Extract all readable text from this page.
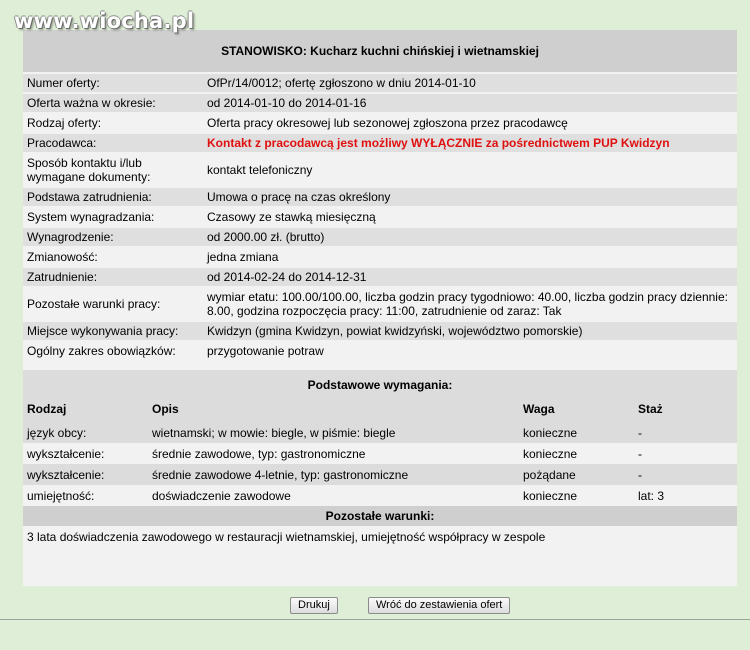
www.wiocha.pl
STANOWISKO: Kucharz kuchni chińskiej i wietnamskiej
Numer oferty:	OfPr/14/0012; ofertę zgłoszono w dniu 2014-01-10
Oferta ważna w okresie:	od 2014-01-10 do 2014-01-16
Rodzaj oferty:	Oferta pracy okresowej lub sezonowej zgłoszona przez pracodawcę
Pracodawca:	Kontakt z pracodawcą jest możliwy WYŁĄCZNIE za pośrednictwem PUP Kwidzyn
Sposób kontaktu i/lub wymagane dokumenty:	kontakt telefoniczny
Podstawa zatrudnienia:	Umowa o pracę na czas określony
System wynagradzania:	Czasowy ze stawką miesięczną
Wynagrodzenie:	od 2000.00 zł. (brutto)
Zmianowość:	jedna zmiana
Zatrudnienie:	od 2014-02-24 do 2014-12-31
Pozostałe warunki pracy:	wymiar etatu: 100.00/100.00, liczba godzin pracy tygodniowo: 40.00, liczba godzin pracy dziennie: 8.00, godzina rozpoczęcia pracy: 11:00, zatrudnienie od zaraz: Tak
Miejsce wykonywania pracy:	Kwidzyn (gmina Kwidzyn, powiat kwidzyński, województwo pomorskie)
Ogólny zakres obowiązków:	przygotowanie potraw
Podstawowe wymagania:
Rodzaj	Opis	Waga	Staż
język obcy:	wietnamski; w mowie: biegle, w piśmie: biegle	konieczne	-
wykształcenie:	średnie zawodowe, typ: gastronomiczne	konieczne	-
wykształcenie:	średnie zawodowe 4-letnie, typ: gastronomiczne	pożądane	-
umiejętność:	doświadczenie zawodowe	konieczne	lat: 3
Pozostałe warunki:
3 lata doświadczenia zawodowego w restauracji wietnamskiej, umiejętność współpracy w zespole
Drukuj	Wróć do zestawienia ofert
